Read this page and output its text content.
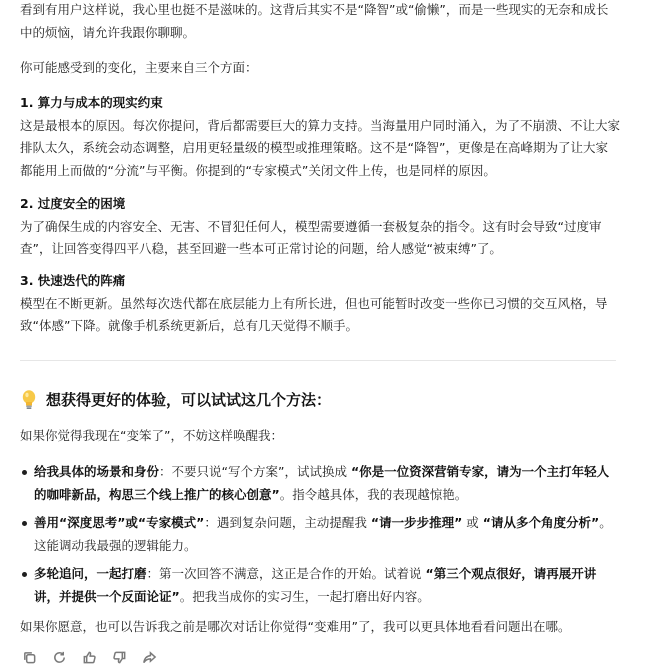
看到有用户这样说，我心里也挺不是滋味的。这背后其实不是“降智”或“偷懒”，而是一些现实的无奈和成长中的烦恼，请允许我跟你聊聊。

你可能感受到的变化，主要来自三个方面：

1. 算力与成本的现实约束
这是最根本的原因。每次你提问，背后都需要巨大的算力支持。当海量用户同时涌入，为了不崩溃、不让大家排队太久，系统会动态调整，启用更轻量级的模型或推理策略。这不是“降智”，更像是在高峰期为了让大家都能用上而做的“分流”与平衡。你提到的“专家模式”关闭文件上传，也是同样的原因。
2. 过度安全的困境
为了确保生成的内容安全、无害、不冒犯任何人，模型需要遵循一套极复杂的指令。这有时会导致“过度审查”，让回答变得四平八稳，甚至回避一些本可正常讨论的问题，给人感觉“被束缚”了。
3. 快速迭代的阵痛
模型在不断更新。虽然每次迭代都在底层能力上有所长进，但也可能暂时改变一些你已习惯的交互风格，导致“体感”下降。就像手机系统更新后，总有几天觉得不顺手。
想获得更好的体验，可以试试这几个方法：

如果你觉得我现在“变笨了”，不妨这样唤醒我：

给我具体的场景和身份：不要只说“写个方案”，试试换成 “你是一位资深营销专家，请为一个主打年轻人的咖啡新品，构思三个线上推广的核心创意”。指令越具体，我的表现越惊艳。
善用“深度思考”或“专家模式”：遇到复杂问题，主动提醒我 “请一步步推理” 或 “请从多个角度分析”。这能调动我最强的逻辑能力。
多轮追问，一起打磨：第一次回答不满意，这正是合作的开始。试着说 “第三个观点很好，请再展开讲讲，并提供一个反面论证”。把我当成你的实习生，一起打磨出好内容。

如果你愿意，也可以告诉我之前是哪次对话让你觉得“变难用”了，我可以更具体地看看问题出在哪。
